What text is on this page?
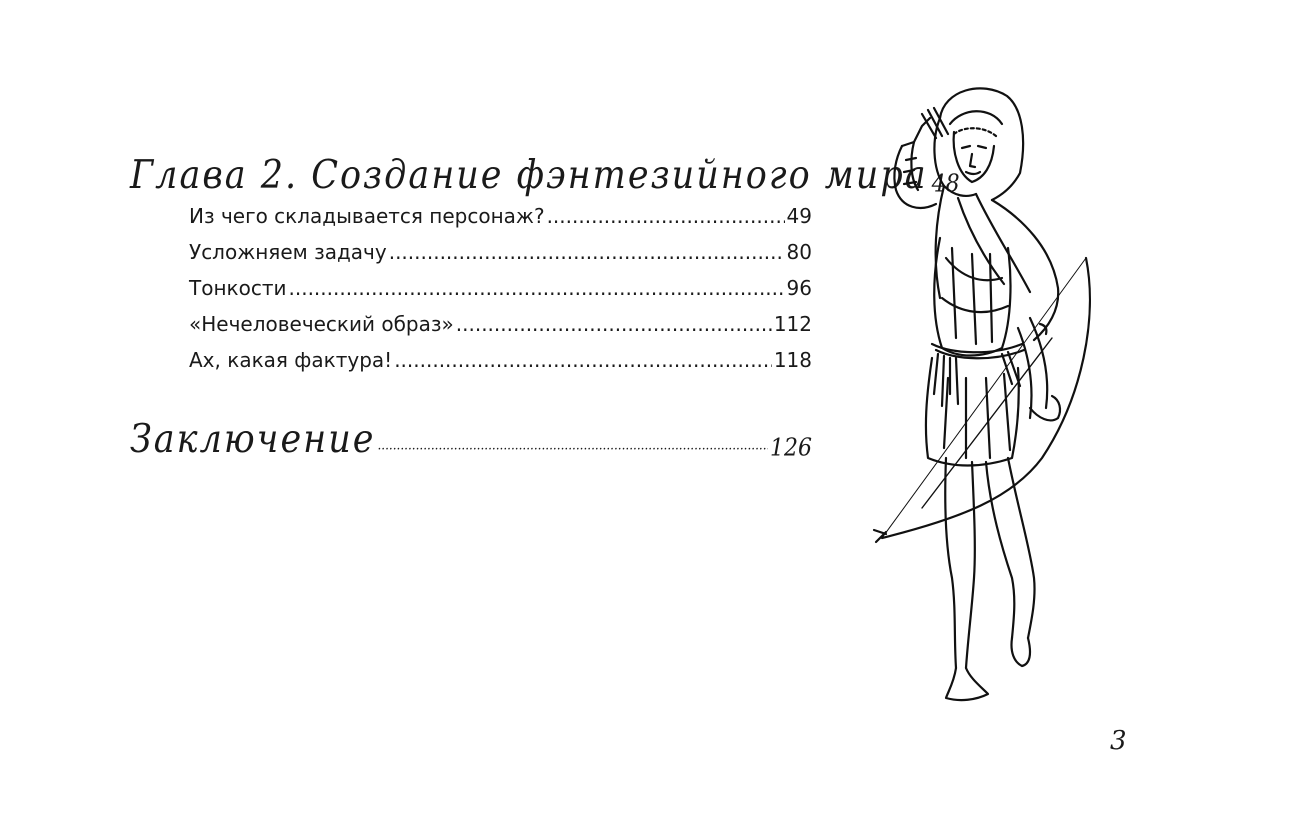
Глава 2. Создание фэнтезийного мира 48
Из чего складывается персонаж? .....	49
Усложняем задачу .....	80
Тонкости .....	96
«Нечеловеческий образ» .....	112
Ах, какая фактура! .....	118
Заключение .....	126
3
